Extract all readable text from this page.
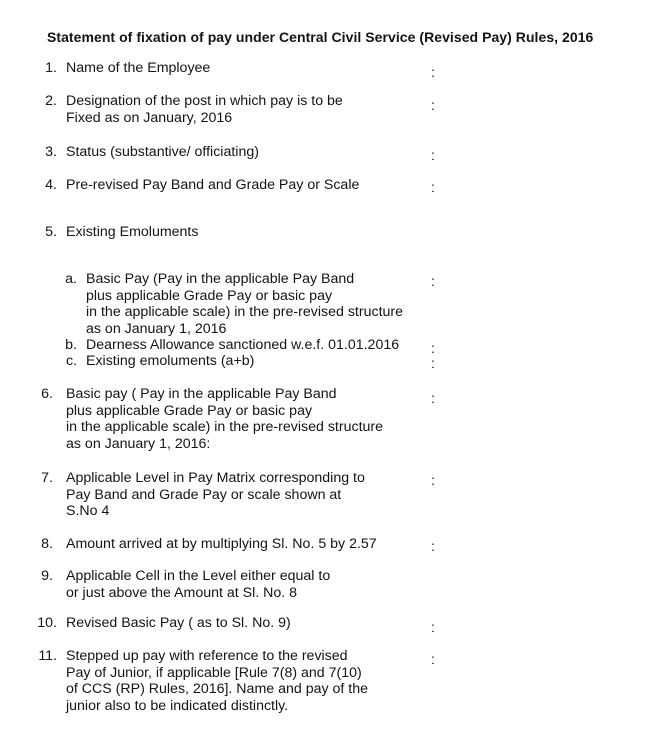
Statement of fixation of pay under Central Civil Service (Revised Pay) Rules, 2016
1. Name of the Employee	:
2. Designation of the post in which pay is to be
Fixed as on January, 2016
:
3. Status (substantive/ officiating)	:
4. Pre-revised Pay Band and Grade Pay or Scale	:
5. Existing Emoluments
a. Basic Pay (Pay in the applicable Pay Band
plus applicable Grade Pay or basic pay
in the applicable scale) in the pre-revised structure
as on January 1, 2016
:
b. Dearness Allowance sanctioned w.e.f. 01.01.2016 :
c. Existing emoluments (a+b)	:
6. Basic pay ( Pay in the applicable Pay Band
plus applicable Grade Pay or basic pay
in the applicable scale) in the pre-revised structure
as on January 1, 2016:
:
7. Applicable Level in Pay Matrix corresponding to
Pay Band and Grade Pay or scale shown at
S.No 4
:
8. Amount arrived at by multiplying Sl. No. 5 by 2.57	:
9. Applicable Cell in the Level either equal to
or just above the Amount at Sl. No. 8
10. Revised Basic Pay ( as to Sl. No. 9)	:
11. Stepped up pay with reference to the revised
Pay of Junior, if applicable [Rule 7(8) and 7(10)
of CCS (RP) Rules, 2016]. Name and pay of the
junior also to be indicated distinctly.
:
